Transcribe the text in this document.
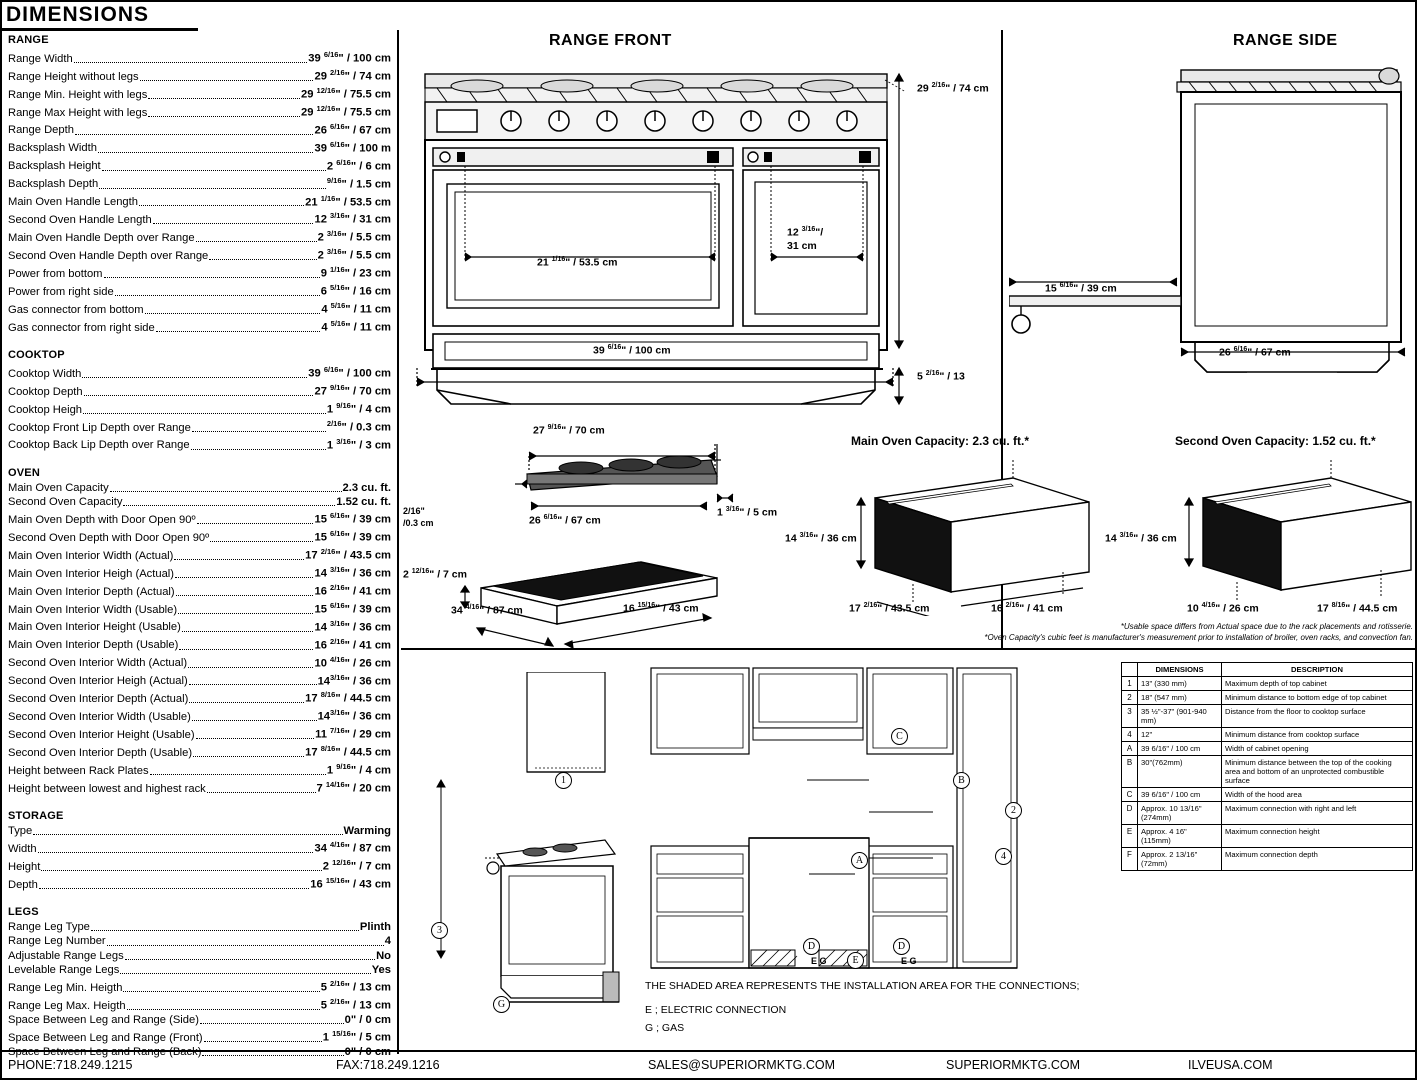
DIMENSIONS
RANGE
Range Width	39 $^{6/16}$" / 100 cm
Range Height without legs	29 $^{2/16}$" / 74 cm
Range Min. Height with legs	29 $^{12/16}$" / 75.5 cm
Range Max Height with legs	29 $^{12/16}$" / 75.5 cm
Range Depth	26 $^{6/16}$" / 67 cm
Backsplash Width	39 $^{6/16}$" / 100 m
Backsplash Height	2 $^{6/16}$" / 6 cm
Backsplash Depth	$^{9/16}$" / 1.5 cm
Main Oven Handle Length	21 $^{1/16}$" / 53.5 cm
Second Oven Handle Length	12 $^{3/16}$" / 31 cm
Main Oven Handle Depth over Range	2 $^{3/16}$" / 5.5 cm
Second Oven Handle Depth over Range	2 $^{3/16}$" / 5.5 cm
Power from bottom	9 $^{1/16}$" / 23 cm
Power from right side	6 $^{5/16}$" / 16 cm
Gas connector from bottom	4 $^{5/16}$" / 11 cm
Gas connector from right side	4 $^{5/16}$" / 11 cm
COOKTOP
Cooktop Width	39 $^{6/16}$" / 100 cm
Cooktop Depth	27 $^{9/16}$" / 70 cm
Cooktop Heigh	1 $^{9/16}$" / 4 cm
Cooktop Front Lip Depth over Range	$^{2/16}$" / 0.3 cm
Cooktop Back Lip Depth over Range	1 $^{3/16}$" / 3 cm
OVEN
Main Oven Capacity	2.3 cu. ft.
Second Oven Capacity	1.52 cu. ft.
Main Oven Depth with Door Open 90º	15 $^{6/16}$" / 39 cm
Second Oven Depth with Door Open 90º	15 $^{6/16}$" / 39 cm
Main Oven Interior Width (Actual)	17 $^{2/16}$" / 43.5 cm
Main Oven Interior Heigh (Actual)	14 $^{3/16}$" / 36 cm
Main Oven Interior Depth (Actual)	16 $^{2/16}$" / 41 cm
Main Oven Interior Width (Usable)	15 $^{6/16}$" / 39 cm
Main Oven Interior Height (Usable)	14 $^{3/16}$" / 36 cm
Main Oven Interior Depth (Usable)	16 $^{2/16}$" / 41 cm
Second Oven Interior Width (Actual)	10 $^{4/16}$" / 26 cm
Second Oven Interior Heigh (Actual)	$14^{3/16}$" / 36 cm
Second Oven Interior Depth (Actual)	17 $^{8/16}$" / 44.5 cm
Second Oven Interior Width (Usable)	$14^{3/16}$" / 36 cm
Second Oven Interior Height (Usable)	11 $^{7/16}$" / 29 cm
Second Oven Interior Depth (Usable)	17 $^{8/16}$" / 44.5 cm
Height between Rack Plates	1 $^{9/16}$" / 4 cm
Height between lowest and highest rack	7 $^{14/16}$" / 20 cm
STORAGE
Type	Warming
Width	34 $^{4/16}$" / 87 cm
Height	2 $^{12/16}$" / 7 cm
Depth	16 $^{15/16}$" / 43 cm
LEGS
Range Leg Type	Plinth
Range Leg Number	4
Adjustable Range Legs	No
Levelable Range Legs	Yes
Range Leg Min. Heigth	5 $^{2/16}$" / 13 cm
Range Leg Max. Heigth	5 $^{2/16}$" / 13 cm
Space Between Leg and Range (Side)	0" / 0 cm
Space Between Leg and Range (Front)	1 $^{15/16}$" / 5 cm
Space Between Leg and Range (Back)	0" / 0 cm
RANGE FRONT	RANGE SIDE
29 $^{2/16}$" / 74 cm
21 $^{1/16}$" / 53.5 cm
12 $^{3/16}$"/
31 cm
39 $^{6/16}$" / 100 cm
5 $^{2/16}$" / 13
15 $^{6/16}$" / 39 cm
26 $^{6/16}$" / 67 cm
27 $^{9/16}$" / 70 cm
26 $^{6/16}$" / 67 cm
1 $^{3/16}$" / 5 cm
2/16"
/0.3 cm
2 $^{12/16}$" / 7 cm
34 $^{4/16}$" / 87 cm	16 $^{15/16}$" / 43 cm
Main Oven Capacity: 2.3 cu. ft.*
14 $^{3/16}$" / 36 cm
17 $^{2/16}$" / 43.5 cm	16 $^{2/16}$" / 41 cm
Second Oven Capacity: 1.52 cu. ft.*
14 $^{3/16}$" / 36 cm
10 $^{4/16}$" / 26 cm	17 $^{8/16}$" / 44.5 cm
*Usable space differs from Actual space due to the rack placements and rotisserie.
*Oven Capacity's cubic feet is manufacturer's measurement prior to installation of broiler, oven racks, and convection fan.
3
G
1
C
B
2
4
A
D	D
E
E G	E G
THE SHADED AREA REPRESENTS THE INSTALLATION AREA FOR THE CONNECTIONS;
E ; ELECTRIC CONNECTION
G ; GAS
	DIMENSIONS	DESCRIPTION
1	13" (330 mm)	Maximum depth of top cabinet
2	18" (547 mm)	Minimum distance to bottom edge of top cabinet
3	35 ½"-37" (901-940 mm)	Distance from the floor to cooktop surface
4	12"	Minimum distance from cooktop surface
A	39 6/16" / 100 cm	Width of cabinet opening
B	30"(762mm)	Minimum distance between the top of the cooking area and bottom of an unprotected combustible surface
C	39 6/16" / 100 cm	Width of the hood area
D	Approx. 10 13/16" (274mm)	Maximum connection with right and left
E	Approx. 4 16" (115mm)	Maximum connection height
F	Approx. 2 13/16" (72mm)	Maximum connection depth
PHONE:718.249.1215	FAX:718.249.1216	SALES@SUPERIORMKTG.COM	SUPERIORMKTG.COM	ILVEUSA.COM
